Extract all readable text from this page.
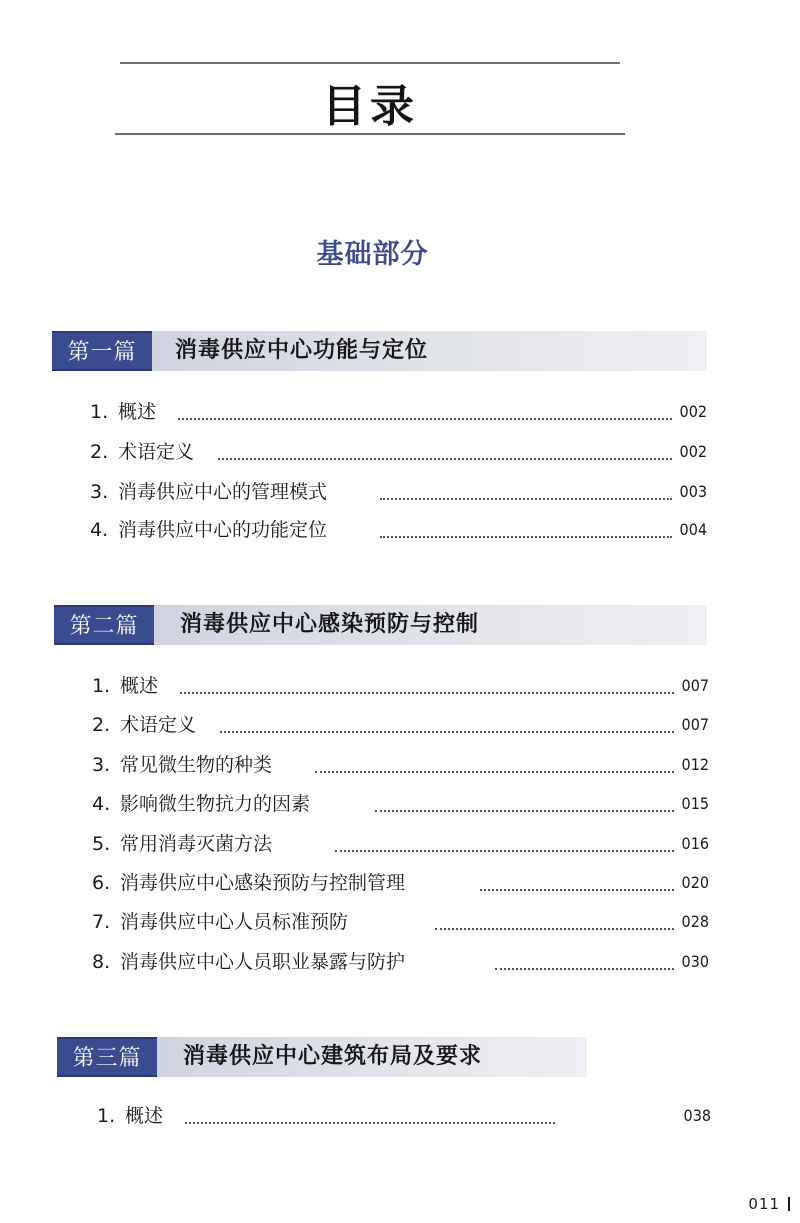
目录
基础部分
第一篇	消毒供应中心功能与定位
1. 概述	002
2. 术语定义	002
3. 消毒供应中心的管理模式	003
4. 消毒供应中心的功能定位	004
第二篇	消毒供应中心感染预防与控制
1. 概述	007
2. 术语定义	007
3. 常见微生物的种类	012
4. 影响微生物抗力的因素	015
5. 常用消毒灭菌方法	016
6. 消毒供应中心感染预防与控制管理	020
7. 消毒供应中心人员标准预防	028
8. 消毒供应中心人员职业暴露与防护	030
第三篇	消毒供应中心建筑布局及要求
1. 概述	038
011
